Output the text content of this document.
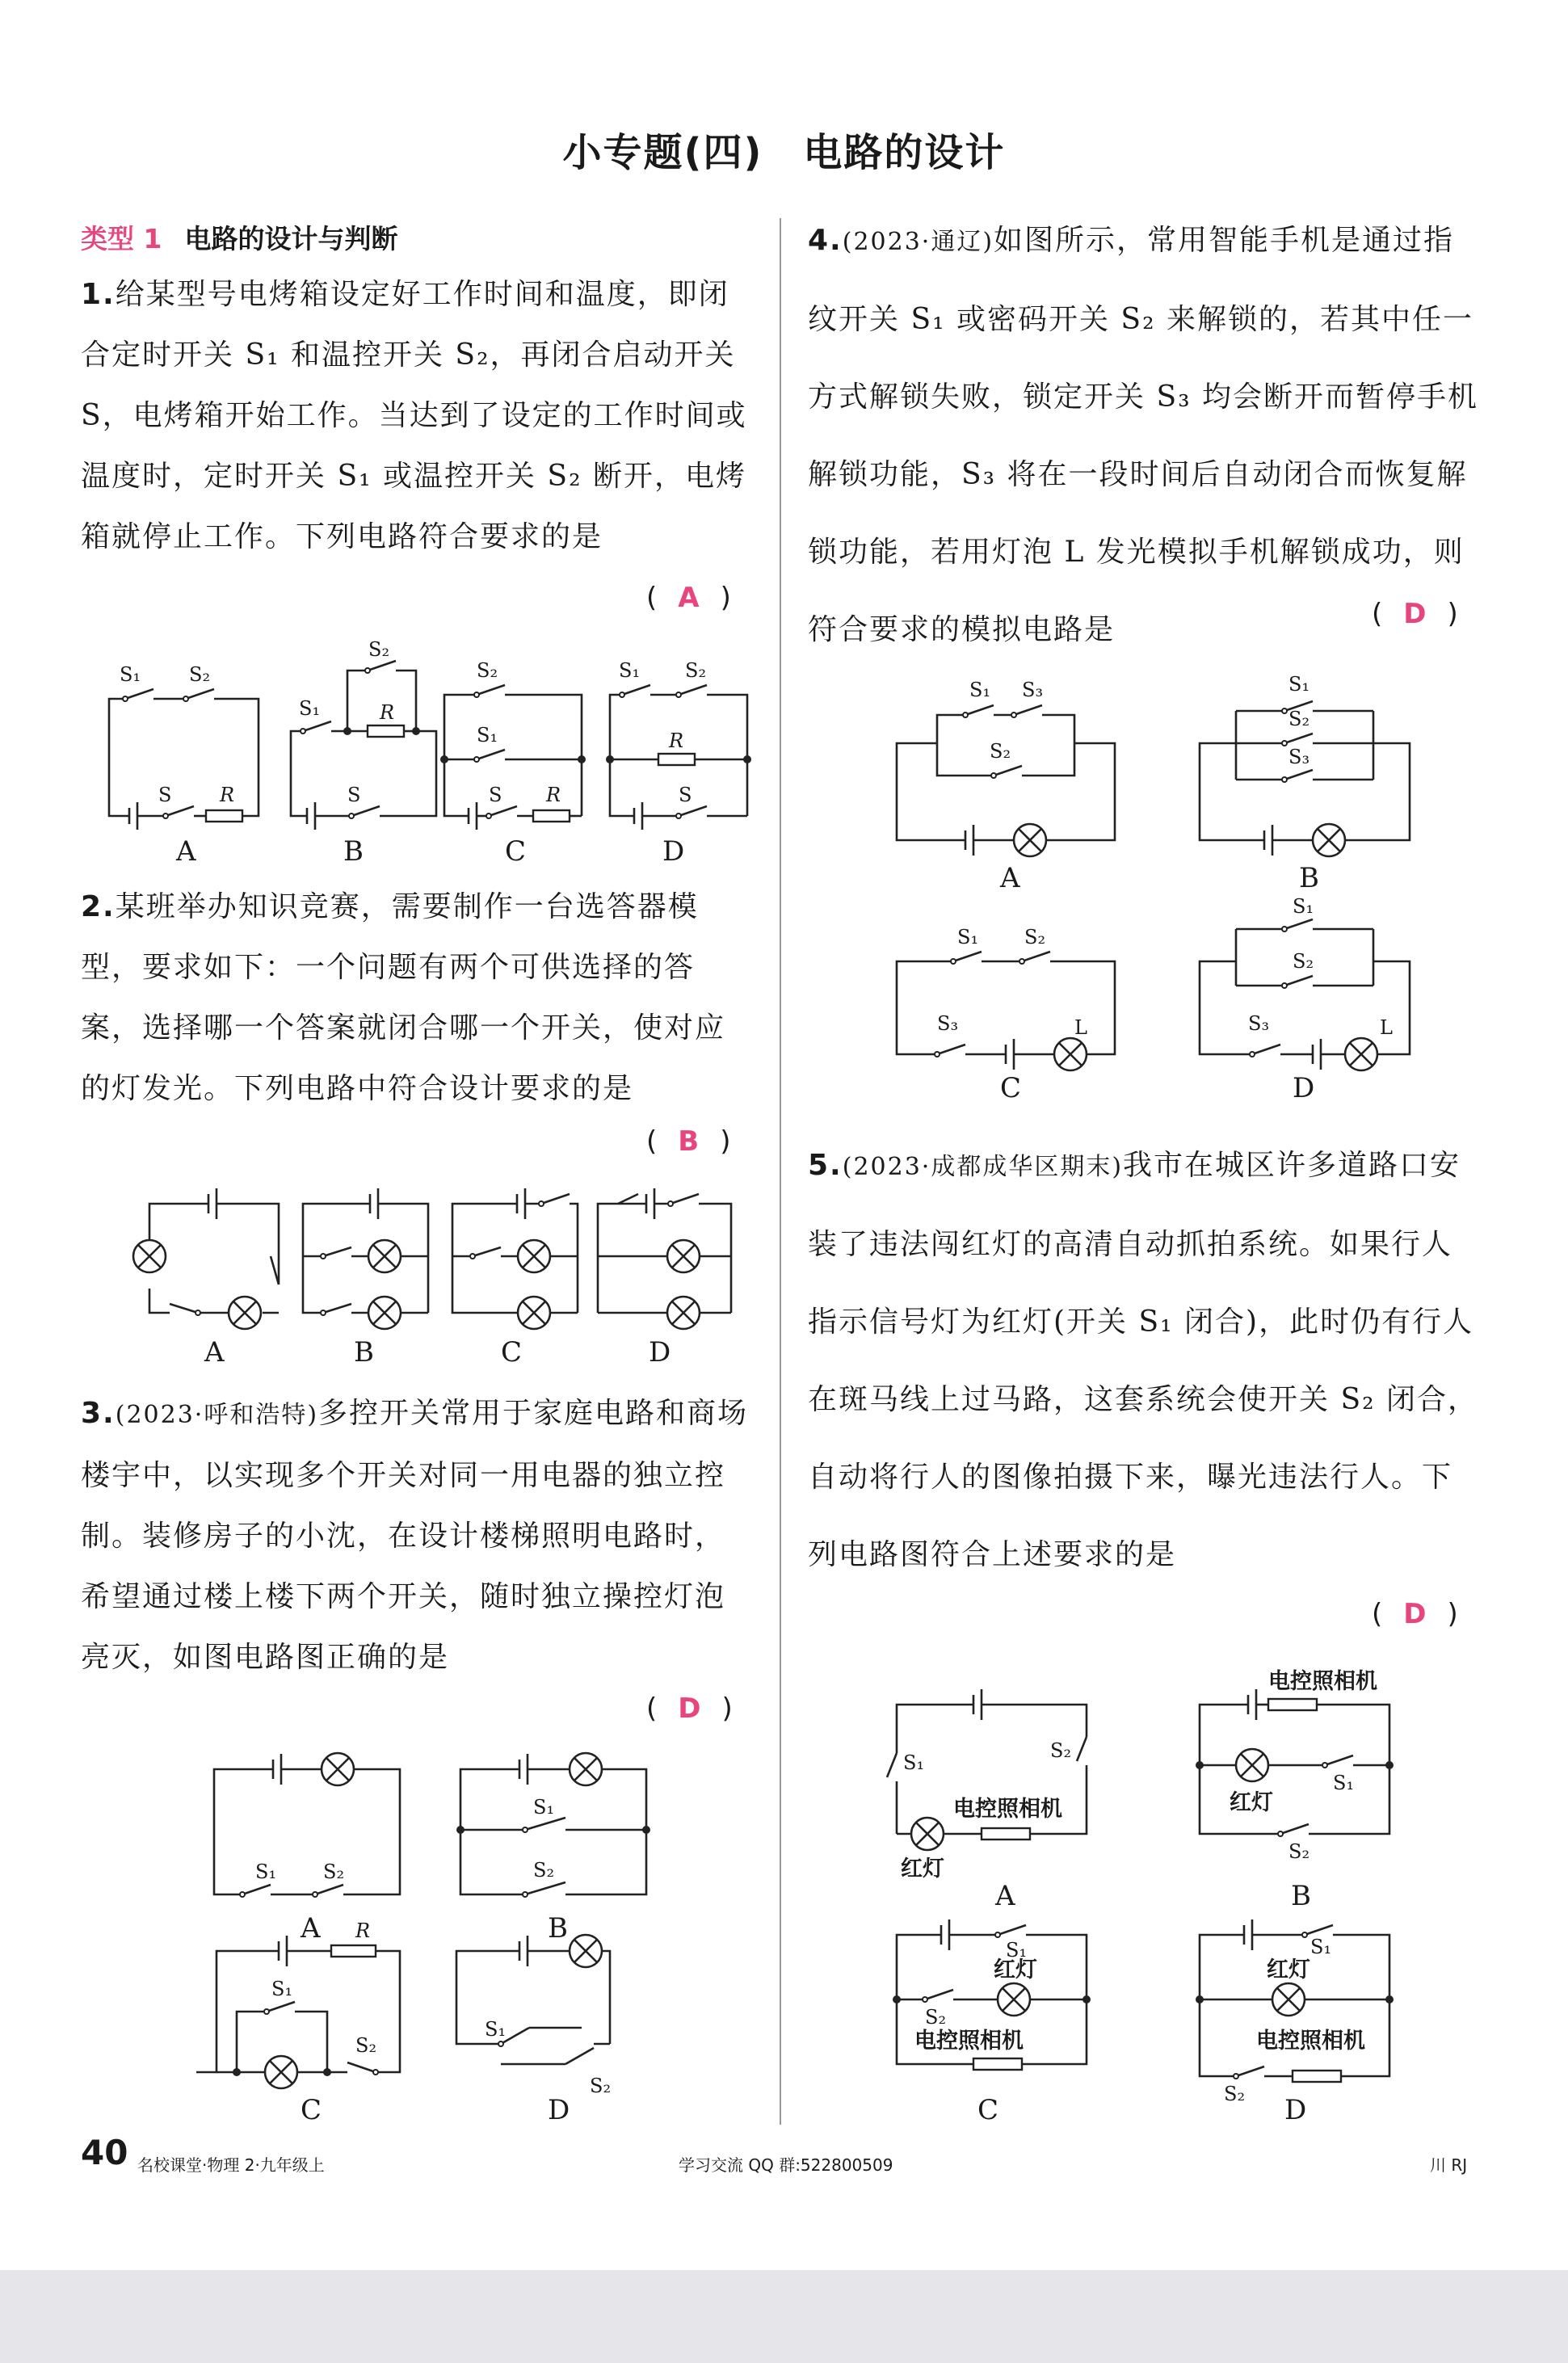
小专题(四)　电路的设计
类型 1 电路的设计与判断
1.给某型号电烤箱设定好工作时间和温度，即闭合定时开关 S₁ 和温控开关 S₂，再闭合启动开关 S，电烤箱开始工作。当达到了设定的工作时间或温度时，定时开关 S₁ 或温控开关 S₂ 断开，电烤箱就停止工作。下列电路符合要求的是
( A )
S₁ S₂
S R
A
S₂
S₁	R
S
B
S₂
S₁
S R
C
S₁ S₂
R
S
D
2.某班举办知识竞赛，需要制作一台选答器模型，要求如下：一个问题有两个可供选择的答案，选择哪一个答案就闭合哪一个开关，使对应的灯发光。下列电路中符合设计要求的是
( B )
A	B	C	D
3.(2023·呼和浩特)多控开关常用于家庭电路和商场楼宇中，以实现多个开关对同一用电器的独立控制。装修房子的小沈，在设计楼梯照明电路时，希望通过楼上楼下两个开关，随时独立操控灯泡亮灭，如图电路图正确的是
( D )
S₁ S₂
A
S₁
S₂
B
R
S₁
S₂
C
S₁
S₂
D
4.(2023·通辽)如图所示，常用智能手机是通过指纹开关 S₁ 或密码开关 S₂ 来解锁的，若其中任一方式解锁失败，锁定开关 S₃ 均会断开而暂停手机解锁功能，S₃ 将在一段时间后自动闭合而恢复解锁功能，若用灯泡 L 发光模拟手机解锁成功，则符合要求的模拟电路是	( D )
S₁ S₃
S₂
A
S₁
S₂
S₃
B
S₁ S₂
S₃	L
C
S₁
S₂
S₃	L
D
5.(2023·成都成华区期末)我市在城区许多道路口安装了违法闯红灯的高清自动抓拍系统。如果行人指示信号灯为红灯(开关 S₁ 闭合)，此时仍有行人在斑马线上过马路，这套系统会使开关 S₂ 闭合，自动将行人的图像拍摄下来，曝光违法行人。下列电路图符合上述要求的是
( D )
S₁
S₂
电控照相机
红灯
A
电控照相机
红灯
S₁
S₂
B
S₁
红灯
S₂
电控照相机
C
S₁
红灯
电控照相机
S₂ D
40 名校课堂·物理 2·九年级上	学习交流 QQ 群:522800509	川 RJ
